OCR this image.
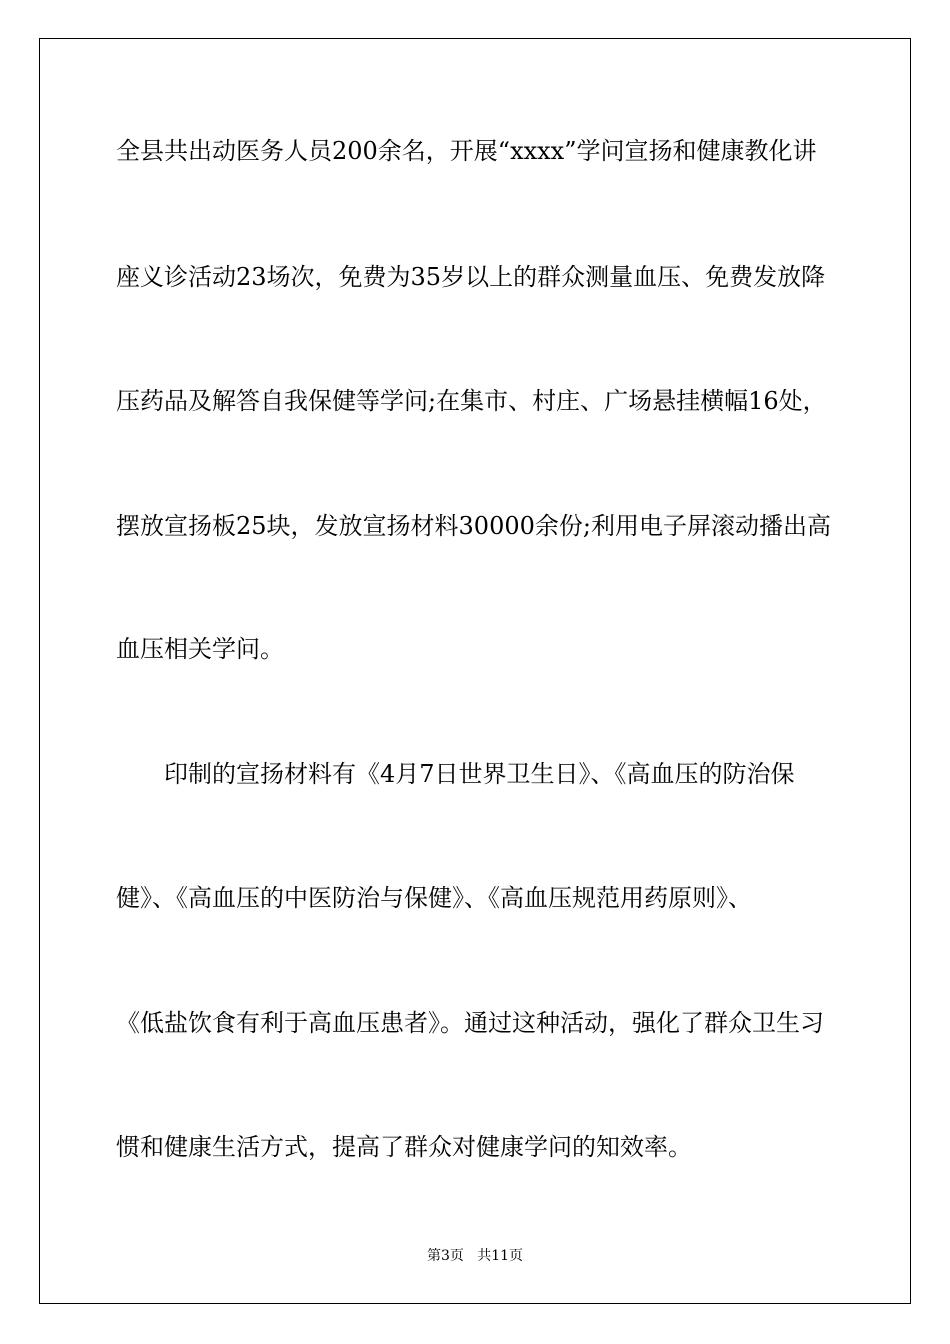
全县共出动医务人员200余名，开展“xxxx”学问宣扬和健康教化讲
座义诊活动23场次，免费为35岁以上的群众测量血压、免费发放降
压药品及解答自我保健等学问;在集市、村庄、广场悬挂横幅16处，
摆放宣扬板25块，发放宣扬材料30000余份;利用电子屏滚动播出高
血压相关学问。
印制的宣扬材料有《4月7日世界卫生日》、《高血压的防治保
健》、《高血压的中医防治与保健》、《高血压规范用药原则》、
《低盐饮食有利于高血压患者》。通过这种活动，强化了群众卫生习
惯和健康生活方式，提高了群众对健康学问的知效率。
第3页   共11页
